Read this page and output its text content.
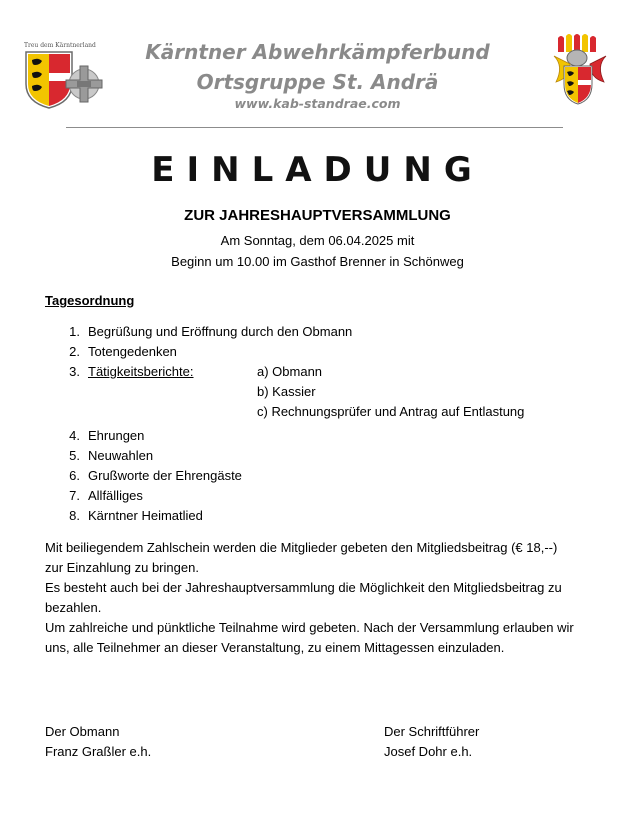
Treu dem Kärntnerland	Kärntner Abwehrkämpferbund
Ortsgruppe St. Andrä
www.kab-standrae.com
EINLADUNG
ZUR JAHRESHAUPTVERSAMMLUNG
Am Sonntag, dem 06.04.2025 mit
Beginn um 10.00 im Gasthof Brenner in Schönweg
Tagesordnung
1. Begrüßung und Eröffnung durch den Obmann
2. Totengedenken
3. Tätigkeitsberichte:	a) Obmann
b) Kassier
c) Rechnungsprüfer und Antrag auf Entlastung
4. Ehrungen
5. Neuwahlen
6. Grußworte der Ehrengäste
7. Allfälliges
8. Kärntner Heimatlied
Mit beiliegendem Zahlschein werden die Mitglieder gebeten den Mitgliedsbeitrag (€ 18,--)
zur Einzahlung zu bringen.
Es besteht auch bei der Jahreshauptversammlung die Möglichkeit den Mitgliedsbeitrag zu
bezahlen.
Um zahlreiche und pünktliche Teilnahme wird gebeten. Nach der Versammlung erlauben wir
uns, alle Teilnehmer an dieser Veranstaltung, zu einem Mittagessen einzuladen.
Der Obmann
Franz Graßler e.h.
Der Schriftführer
Josef Dohr e.h.
